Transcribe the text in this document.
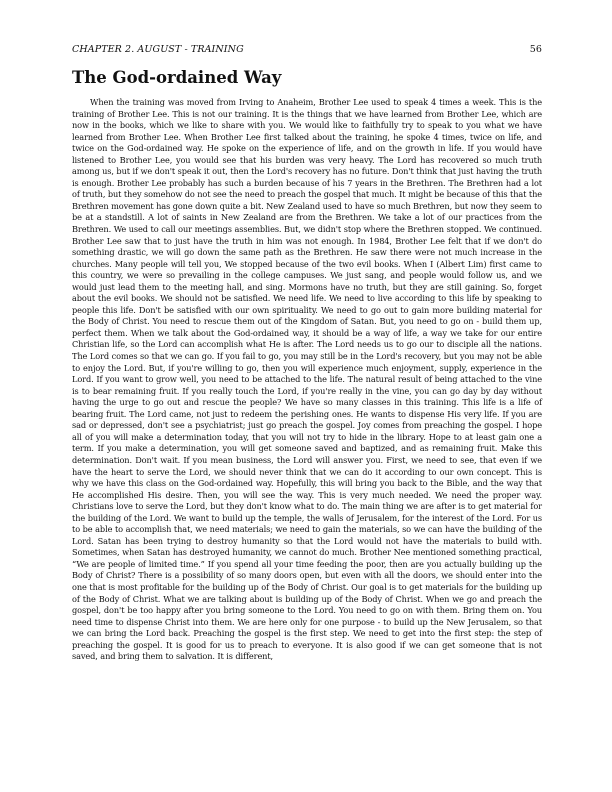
CHAPTER 2. AUGUST - TRAINING	56
The God-ordained Way

When the training was moved from Irving to Anaheim, Brother Lee used to speak 4 times a week. This is the training of Brother Lee. This is not our training. It is the things that we have learned from Brother Lee, which are now in the books, which we like to share with you. We would like to faithfully try to speak to you what we have learned from Brother Lee. When Brother Lee first talked about the training, he spoke 4 times, twice on life, and twice on the God-ordained way. He spoke on the experience of life, and on the growth in life. If you would have listened to Brother Lee, you would see that his burden was very heavy. The Lord has recovered so much truth among us, but if we don't speak it out, then the Lord's recovery has no future. Don't think that just having the truth is enough. Brother Lee probably has such a burden because of his 7 years in the Brethren. The Brethren had a lot of truth, but they somehow do not see the need to preach the gospel that much. It might be because of this that the Brethren movement has gone down quite a bit. New Zealand used to have so much Brethren, but now they seem to be at a standstill. A lot of saints in New Zealand are from the Brethren. We take a lot of our practices from the Brethren. We used to call our meetings assemblies. But, we didn't stop where the Brethren stopped. We continued. Brother Lee saw that to just have the truth in him was not enough. In 1984, Brother Lee felt that if we don't do something drastic, we will go down the same path as the Brethren. He saw there were not much increase in the churches. Many people will tell you, We stopped because of the two evil books. When I (Albert Lim) first came to this country, we were so prevailing in the college campuses. We just sang, and people would follow us, and we would just lead them to the meeting hall, and sing. Mormons have no truth, but they are still gaining. So, forget about the evil books. We should not be satisfied. We need life. We need to live according to this life by speaking to people this life. Don't be satisfied with our own spirituality. We need to go out to gain more building material for the Body of Christ. You need to rescue them out of the Kingdom of Satan. But, you need to go on - build them up, perfect them. When we talk about the God-ordained way, it should be a way of life, a way we take for our entire Christian life, so the Lord can accomplish what He is after. The Lord needs us to go our to disciple all the nations. The Lord comes so that we can go. If you fail to go, you may still be in the Lord's recovery, but you may not be able to enjoy the Lord. But, if you're willing to go, then you will experience much enjoyment, supply, experience in the Lord. If you want to grow well, you need to be attached to the life. The natural result of being attached to the vine is to bear remaining fruit. If you really touch the Lord, if you're really in the vine, you can go day by day without having the urge to go out and rescue the people? We have so many classes in this training. This life is a life of bearing fruit. The Lord came, not just to redeem the perishing ones. He wants to dispense His very life. If you are sad or depressed, don't see a psychiatrist; just go preach the gospel. Joy comes from preaching the gospel. I hope all of you will make a determination today, that you will not try to hide in the library. Hope to at least gain one a term. If you make a determination, you will get someone saved and baptized, and as remaining fruit. Make this determination. Don't wait. If you mean business, the Lord will answer you. First, we need to see, that even if we have the heart to serve the Lord, we should never think that we can do it according to our own concept. This is why we have this class on the God-ordained way. Hopefully, this will bring you back to the Bible, and the way that He accomplished His desire. Then, you will see the way. This is very much needed. We need the proper way. Christians love to serve the Lord, but they don't know what to do. The main thing we are after is to get material for the building of the Lord. We want to build up the temple, the walls of Jerusalem, for the interest of the Lord. For us to be able to accomplish that, we need materials; we need to gain the materials, so we can have the building of the Lord. Satan has been trying to destroy humanity so that the Lord would not have the materials to build with. Sometimes, when Satan has destroyed humanity, we cannot do much. Brother Nee mentioned something practical, “We are people of limited time.” If you spend all your time feeding the poor, then are you actually building up the Body of Christ? There is a possibility of so many doors open, but even with all the doors, we should enter into the one that is most profitable for the building up of the Body of Christ. Our goal is to get materials for the building up of the Body of Christ. What we are talking about is building up of the Body of Christ. When we go and preach the gospel, don't be too happy after you bring someone to the Lord. You need to go on with them. Bring them on. You need time to dispense Christ into them. We are here only for one purpose - to build up the New Jerusalem, so that we can bring the Lord back. Preaching the gospel is the first step. We need to get into the first step: the step of preaching the gospel. It is good for us to preach to everyone. It is also good if we can get someone that is not saved, and bring them to salvation. It is different,
